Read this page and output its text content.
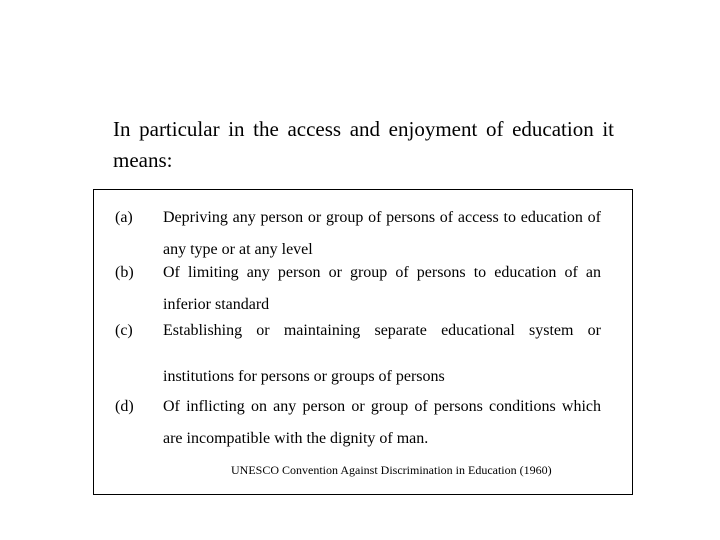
In particular in the access and enjoyment of education it means:

(a) Depriving any person or group of persons of access to education of any type or at any level
(b) Of limiting any person or group of persons to education of an inferior standard
(c) Establishing or maintaining separate educational system or
institutions for persons or groups of persons
(d) Of inflicting on any person or group of persons conditions which are incompatible with the dignity of man.
UNESCO Convention Against Discrimination in Education (1960)
